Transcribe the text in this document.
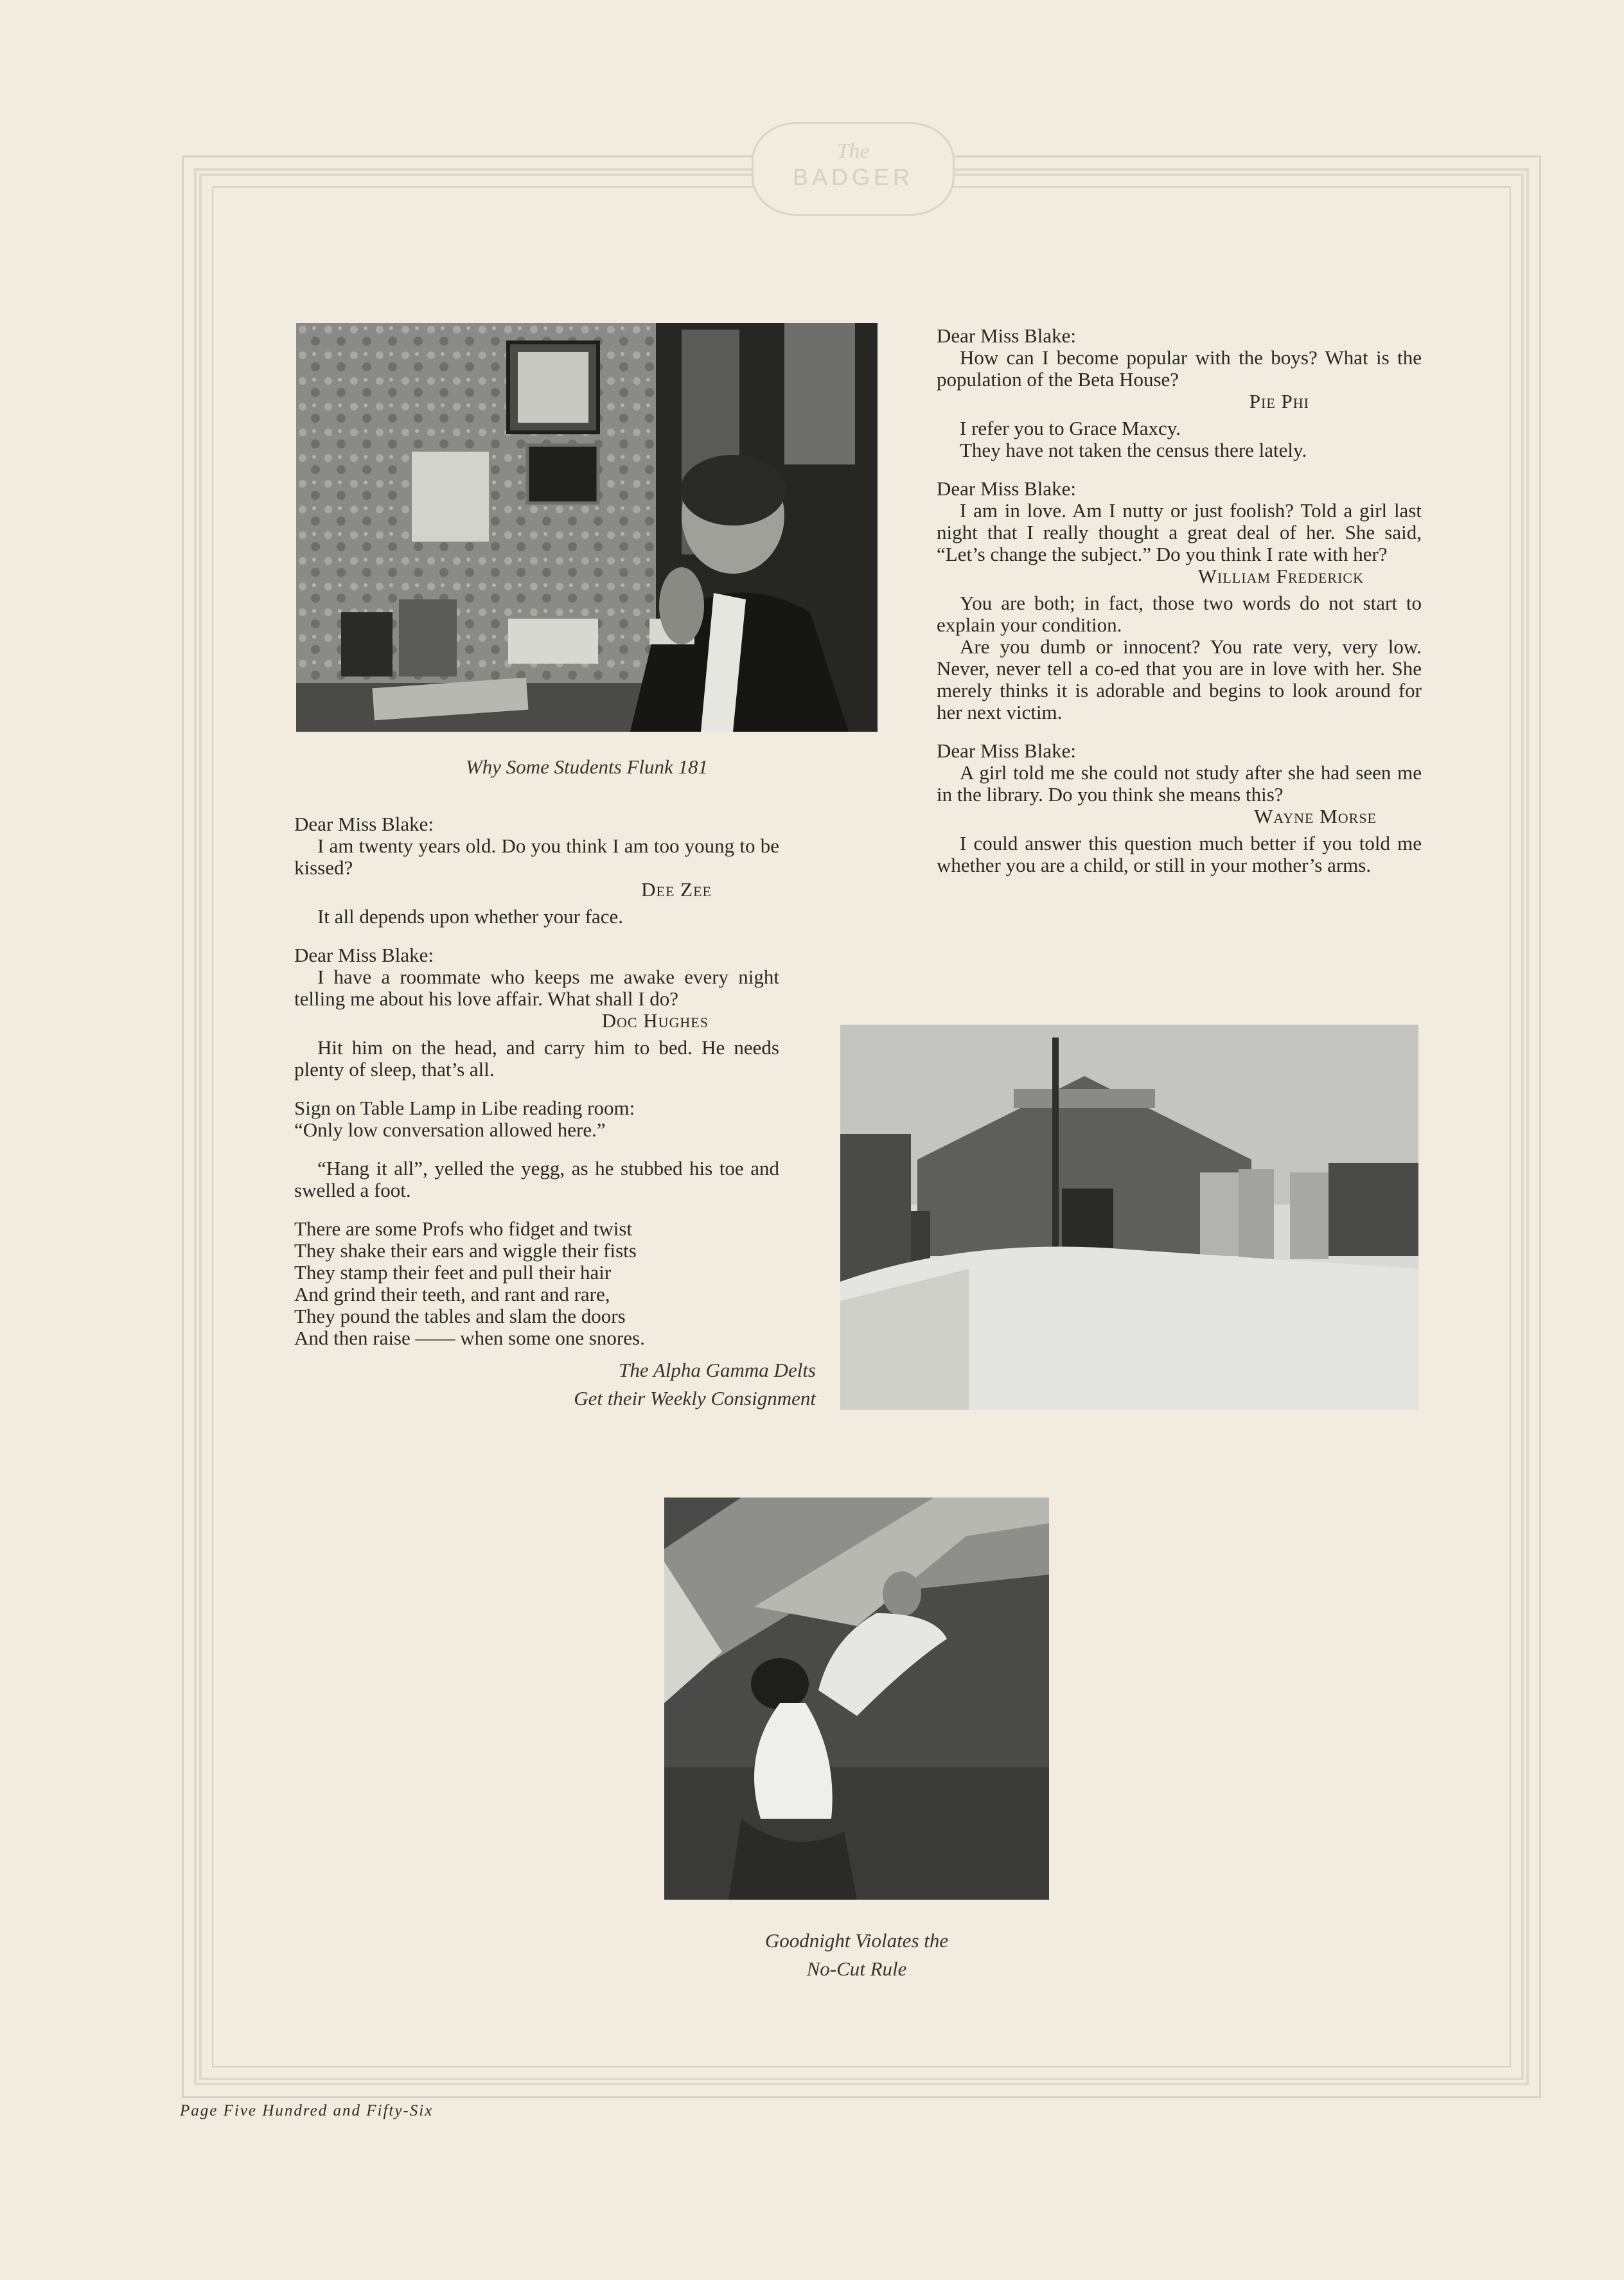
The
BADGER
Why Some Students Flunk 181

Dear Miss Blake:

How can I become popular with the boys? What is the population of the Beta House?

Pie Phi

I refer you to Grace Maxcy.

They have not taken the census there lately.

Dear Miss Blake:

I am in love. Am I nutty or just foolish? Told a girl last night that I really thought a great deal of her. She said, “Let’s change the subject.” Do you think I rate with her?

William Frederick

You are both; in fact, those two words do not start to explain your condition.

Are you dumb or innocent? You rate very, very low. Never, never tell a co-ed that you are in love with her. She merely thinks it is adorable and begins to look around for her next victim.

Dear Miss Blake:

A girl told me she could not study after she had seen me in the library. Do you think she means this?

Wayne Morse

I could answer this question much better if you told me whether you are a child, or still in your mother’s arms.

Dear Miss Blake:

I am twenty years old. Do you think I am too young to be kissed?

Dee Zee

It all depends upon whether your face.

Dear Miss Blake:

I have a roommate who keeps me awake every night telling me about his love affair. What shall I do?

Doc Hughes

Hit him on the head, and carry him to bed. He needs plenty of sleep, that’s all.

Sign on Table Lamp in Libe reading room:

“Only low conversation allowed here.”

“Hang it all”, yelled the yegg, as he stubbed his toe and swelled a foot.

There are some Profs who fidget and twist

They shake their ears and wiggle their fists

They stamp their feet and pull their hair

And grind their teeth, and rant and rare,

They pound the tables and slam the doors

And then raise —— when some one snores.

The Alpha Gamma Delts
Get their Weekly Consignment
Goodnight Violates the
No-Cut Rule
Page Five Hundred and Fifty-Six
